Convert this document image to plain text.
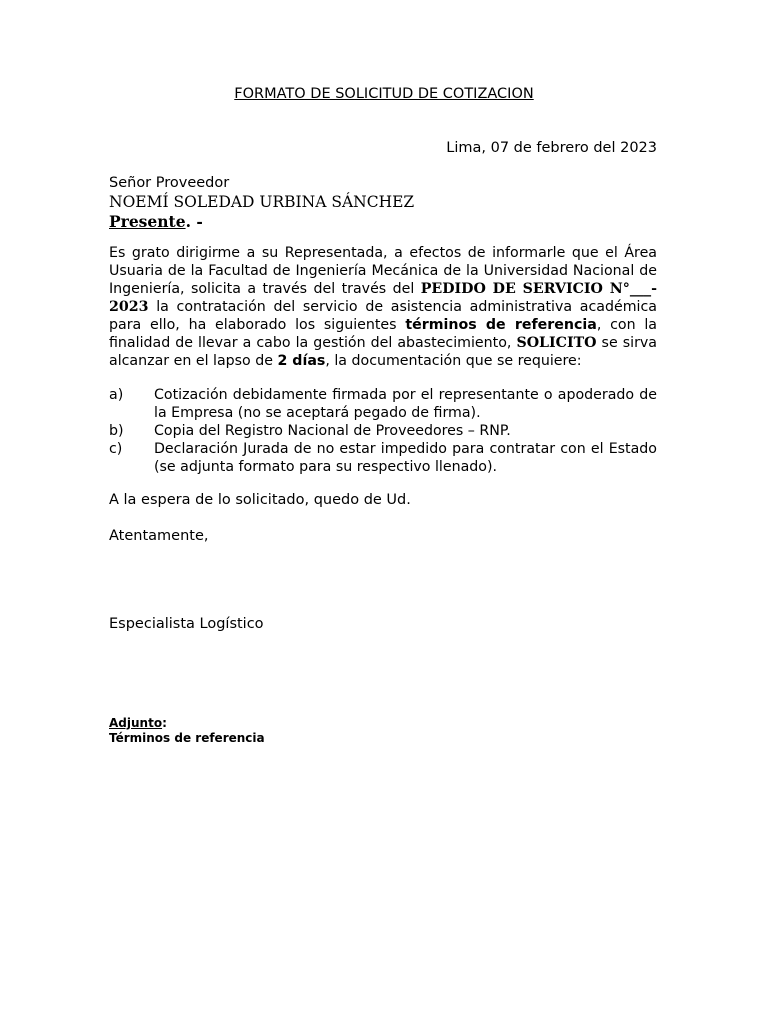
FORMATO DE SOLICITUD DE COTIZACION
Lima, 07 de febrero del 2023
Señor Proveedor
NOEMÍ SOLEDAD URBINA SÁNCHEZ
Presente. -
Es grato dirigirme a su Representada, a efectos de informarle que el Área Usuaria de la Facultad de Ingeniería Mecánica de la Universidad Nacional de Ingeniería, solicita a través del través del PEDIDO DE SERVICIO N°___- 2023 la contratación del servicio de asistencia administrativa académica para ello, ha elaborado los siguientes términos de referencia, con la finalidad de llevar a cabo la gestión del abastecimiento, SOLICITO se sirva alcanzar en el lapso de 2 días, la documentación que se requiere:
a)	Cotización debidamente firmada por el representante o apoderado de la Empresa (no se aceptará pegado de firma).
b)	Copia del Registro Nacional de Proveedores – RNP.
c)	Declaración Jurada de no estar impedido para contratar con el Estado (se adjunta formato para su respectivo llenado).
A la espera de lo solicitado, quedo de Ud.
Atentamente,
Especialista Logístico
Adjunto:
Términos de referencia
